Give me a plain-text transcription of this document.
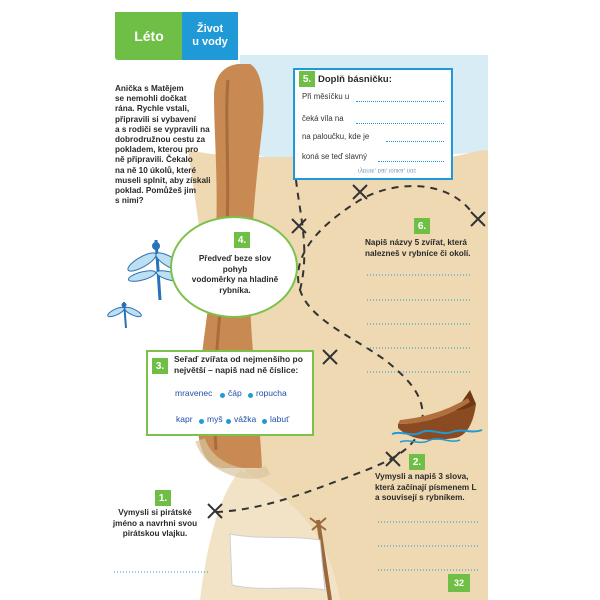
Léto	Život
u vody
Anička s Matějem
se nemohli dočkat
rána. Rychle vstali,
připravili si vybavení
a s rodiči se vypravili na
dobrodružnou cestu za
pokladem, kterou pro
ně připravili. Čekalo
na ně 10 úkolů, které
museli splnit, aby získali
poklad. Pomůžeš jim
s nimi?
4.
Předveď beze slov pohyb
vodoměrky na hladině
rybníka.
5. Doplň básničku:
Při měsíčku u
čeká víla na
na paloučku, kde je
koná se teď slavný
rybník, bál, louka, noc
6.
Napiš názvy 5 zvířat, která
nalezneš v rybníce či okolí.
3.
Seřaď zvířata od nejmenšího po
největší – napiš nad ně číslice:
mravenec čáp ropucha
kapr myš vážka labuť
2.
Vymysli a napiš 3 slova,
která začínají písmenem L
a souvisejí s rybníkem.
1.
Vymysli si pirátské
jméno a navrhni svou
pirátskou vlajku.
32
